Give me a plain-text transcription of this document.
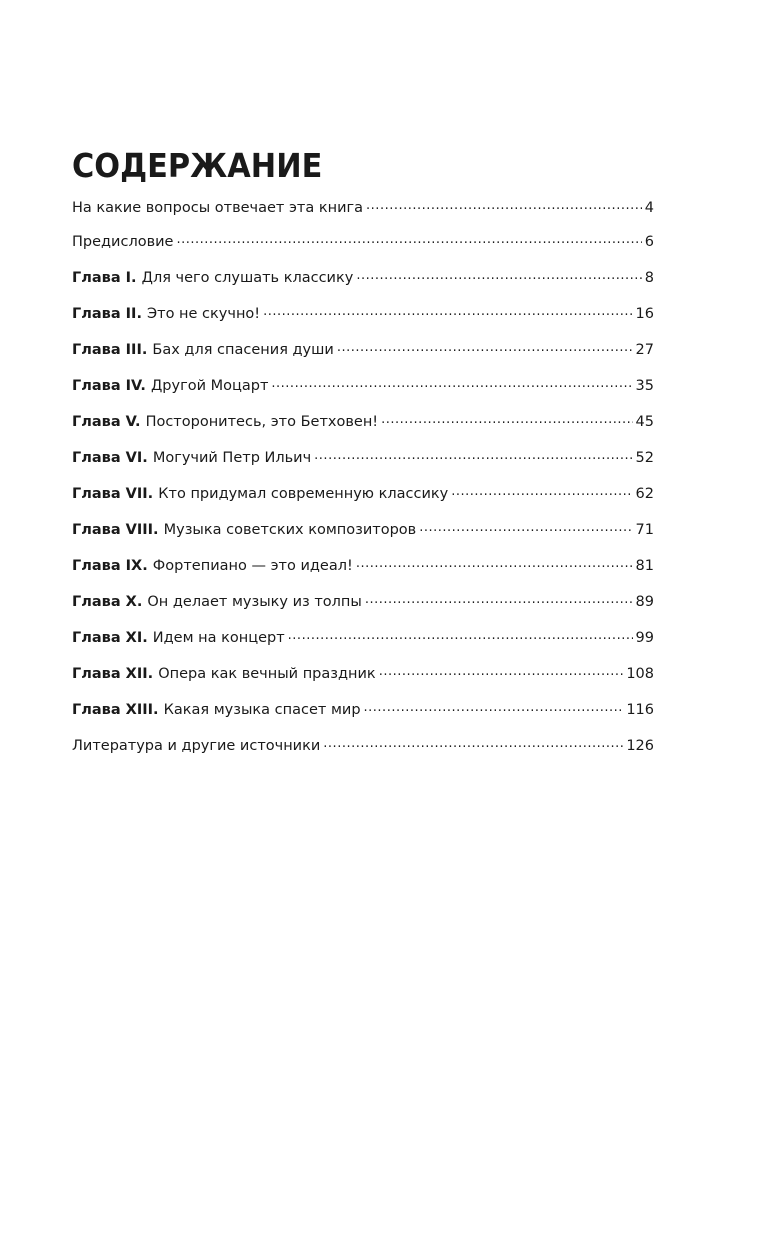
СОДЕРЖАНИЕ
На какие вопросы отвечает эта книга .....	4
Предисловие .....	6
Глава I. Для чего слушать классику .....	8
Глава II. Это не скучно! .....	16
Глава III. Бах для спасения души .....	27
Глава IV. Другой Моцарт .....	35
Глава V. Посторонитесь, это Бетховен! .....	45
Глава VI. Могучий Петр Ильич .....	52
Глава VII. Кто придумал современную классику .....	62
Глава VIII. Музыка советских композиторов .....	71
Глава IX. Фортепиано — это идеал! .....	81
Глава X. Он делает музыку из толпы .....	89
Глава XI. Идем на концерт .....	99
Глава XII. Опера как вечный праздник .....	108
Глава XIII. Какая музыка спасет мир .....	116
Литература и другие источники .....	126
